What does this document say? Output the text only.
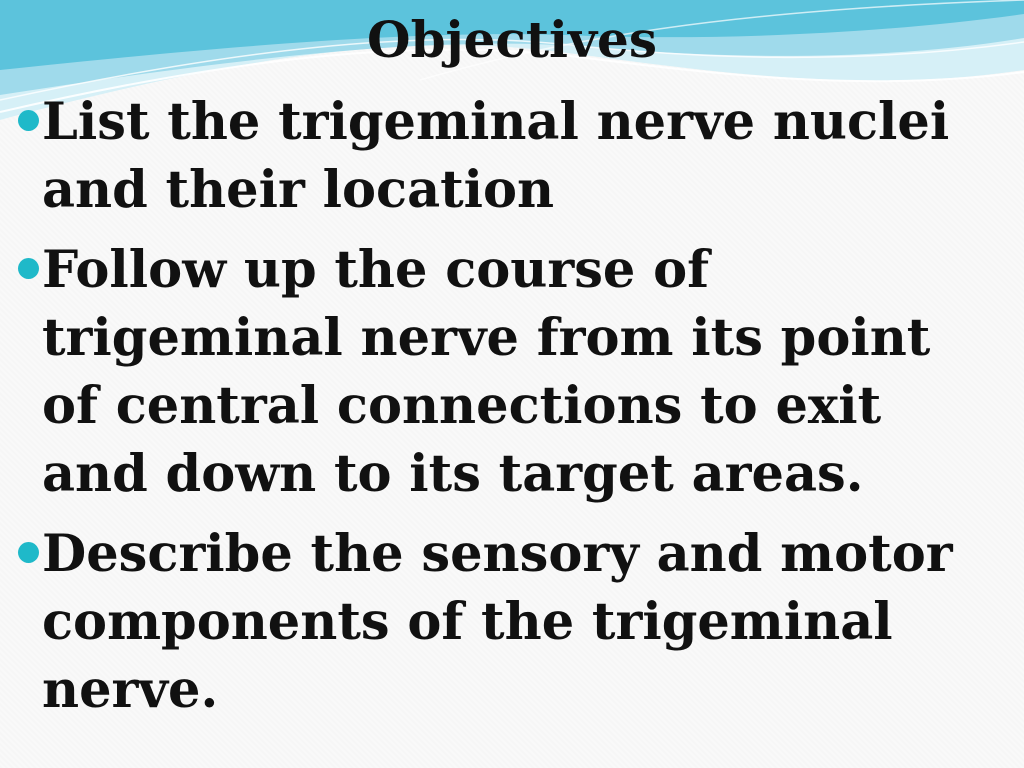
Objectives
List the trigeminal nerve nuclei and their location
Follow up the course of trigeminal nerve from its point of central connections to exit and down to its target areas.
Describe the sensory and motor components of the trigeminal nerve.
